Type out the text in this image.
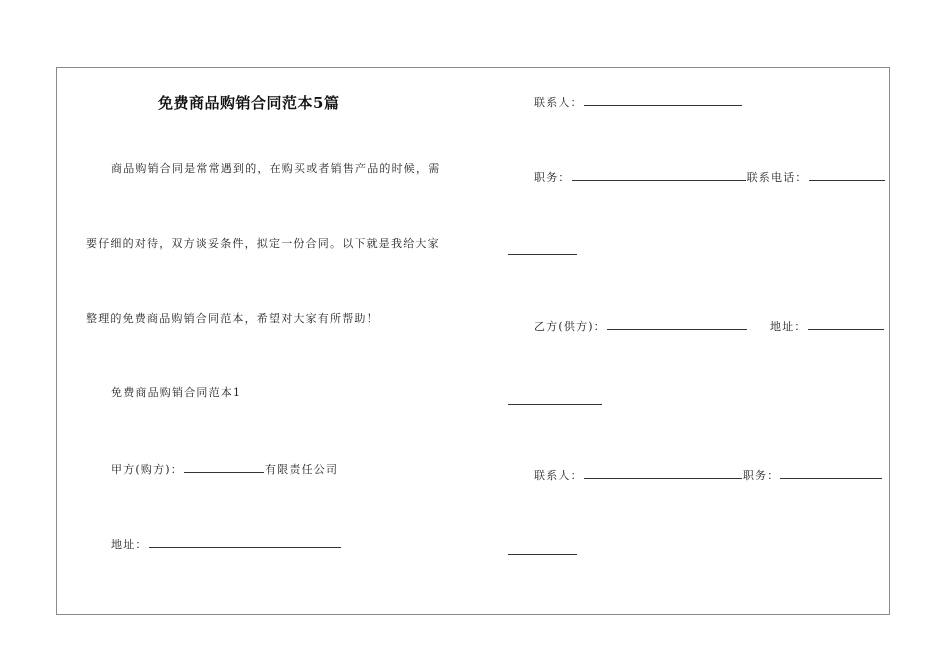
免费商品购销合同范本5篇
商品购销合同是常常遇到的，在购买或者销售产品的时候，需
要仔细的对待，双方谈妥条件，拟定一份合同。以下就是我给大家
整理的免费商品购销合同范本，希望对大家有所帮助！
免费商品购销合同范本1
甲方(购方)：	有限责任公司
地址：
联系人：
职务：	联系电话：
乙方(供方)：	地址：
联系人：	职务：
